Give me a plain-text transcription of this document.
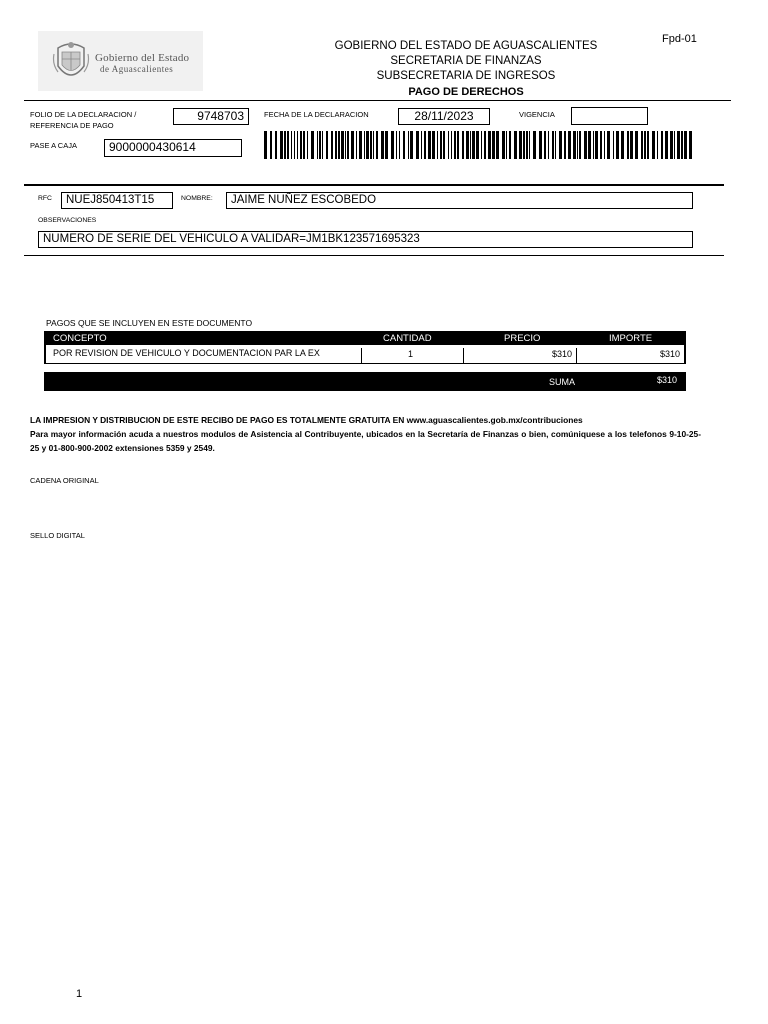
Gobierno del Estado
de Aguascalientes
GOBIERNO DEL ESTADO DE AGUASCALIENTES
SECRETARIA DE FINANZAS
SUBSECRETARIA DE INGRESOS
PAGO DE DERECHOS
Fpd-01
FOLIO DE LA DECLARACION /
REFERENCIA DE PAGO
9748703	FECHA DE LA DECLARACION	28/11/2023	VIGENCIA
PASE A CAJA	9000000430614
RFC	NUEJ850413T15	NOMBRE:	JAIME NUÑEZ ESCOBEDO
OBSERVACIONES
NUMERO DE SERIE DEL VEHICULO A VALIDAR=JM1BK123571695323
PAGOS QUE SE INCLUYEN EN ESTE DOCUMENTO
CONCEPTO	CANTIDAD	PRECIO	IMPORTE
POR REVISION DE VEHICULO Y DOCUMENTACION PAR LA EX	1	$310	$310
SUMA	$310
LA IMPRESION Y DISTRIBUCION DE ESTE RECIBO DE PAGO ES TOTALMENTE GRATUITA EN www.aguascalientes.gob.mx/contribuciones
Para mayor información acuda a nuestros modulos de Asistencia al Contribuyente, ubicados en la Secretaría de Finanzas o bien, comúniquese a los telefonos 9-10-25-25 y 01-800-900-2002 extensiones 5359 y 2549.
CADENA ORIGINAL
SELLO DIGITAL
1
